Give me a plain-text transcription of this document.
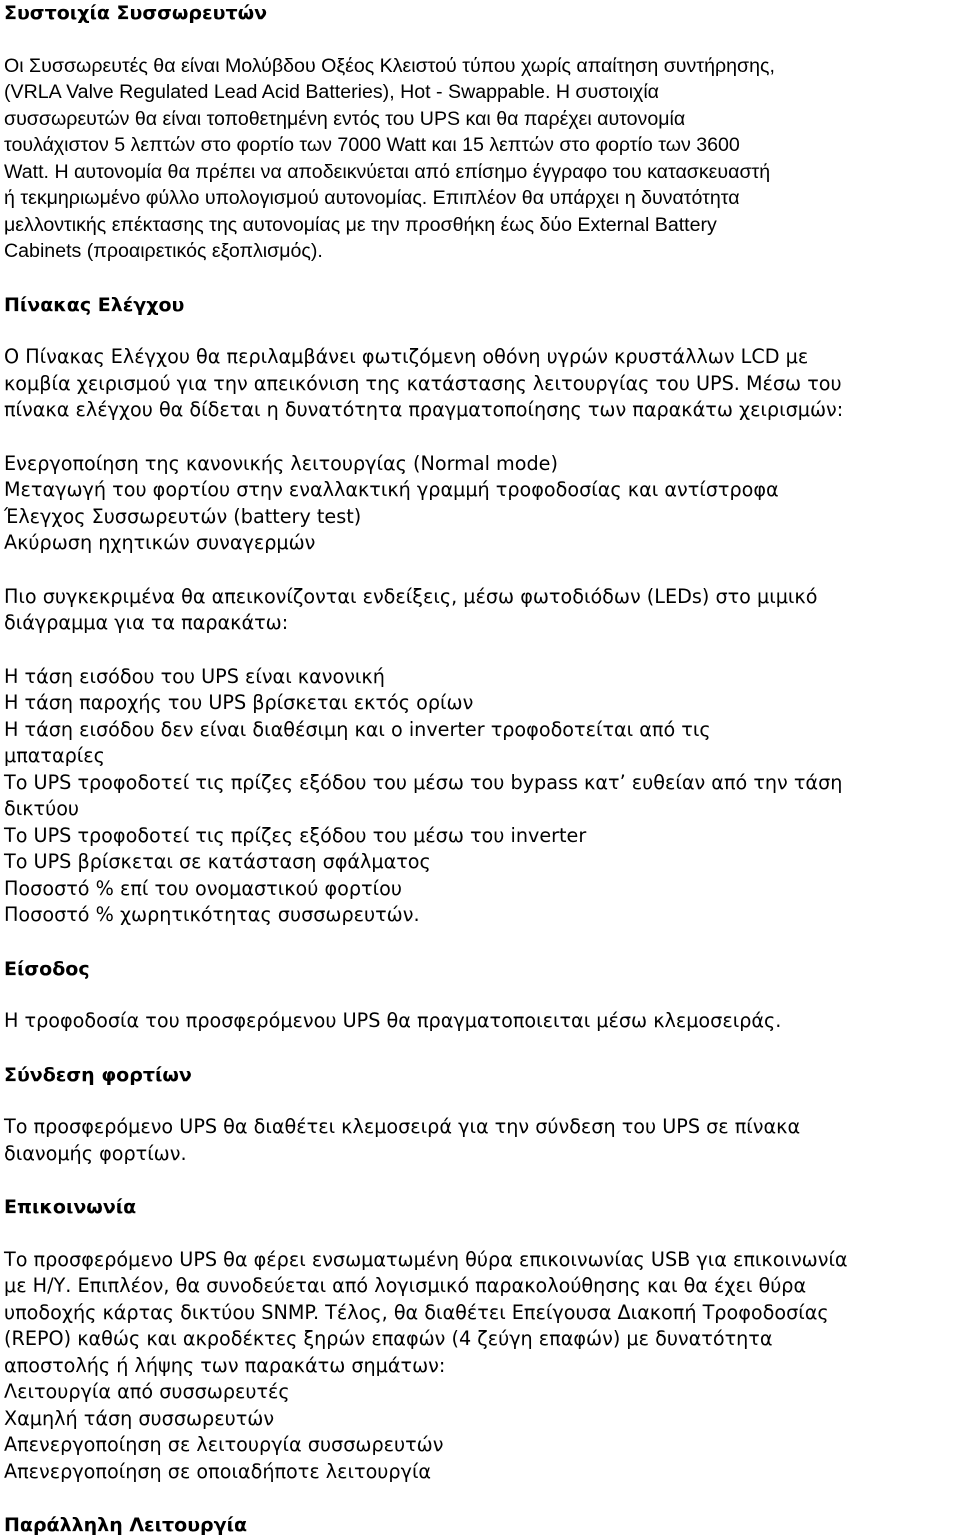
Συστοιχία Συσσωρευτών

Οι Συσσωρευτές θα είναι Μολύβδου Οξέος Κλειστού τύπου χωρίς απαίτηση συντήρησης,
(VRLA Valve Regulated Lead Acid Batteries), Hot - Swappable. Η συστοιχία
συσσωρευτών θα είναι τοποθετημένη εντός του UPS και θα παρέχει αυτονομία
τουλάχιστον 5 λεπτών στο φορτίο των 7000 Watt και 15 λεπτών στο φορτίο των 3600
Watt. Η αυτονομία θα πρέπει να αποδεικνύεται από επίσημο έγγραφο του κατασκευαστή
ή τεκμηριωμένο φύλλο υπολογισμού αυτονομίας. Επιπλέον θα υπάρχει η δυνατότητα
μελλοντικής επέκτασης της αυτονομίας με την προσθήκη έως δύο External Battery
Cabinets (προαιρετικός εξοπλισμός).

Πίνακας Ελέγχου

Ο Πίνακας Ελέγχου θα περιλαμβάνει φωτιζόμενη οθόνη υγρών κρυστάλλων LCD με
κομβία χειρισμού για την απεικόνιση της κατάστασης λειτουργίας του UPS. Μέσω του
πίνακα ελέγχου θα δίδεται η δυνατότητα πραγματοποίησης των παρακάτω χειρισμών:

Ενεργοποίηση της κανονικής λειτουργίας (Normal mode)
Μεταγωγή του φορτίου στην εναλλακτική γραμμή τροφοδοσίας και αντίστροφα
Έλεγχος Συσσωρευτών (battery test)
Ακύρωση ηχητικών συναγερμών

Πιο συγκεκριμένα θα απεικονίζονται ενδείξεις, μέσω φωτοδιόδων (LEDs) στο μιμικό
διάγραμμα για τα παρακάτω:

Η τάση εισόδου του UPS είναι κανονική
Η τάση παροχής του UPS βρίσκεται εκτός ορίων
Η τάση εισόδου δεν είναι διαθέσιμη και ο inverter τροφοδοτείται από τις
μπαταρίες
Το UPS τροφοδοτεί τις πρίζες εξόδου του μέσω του bypass κατ’ ευθείαν από την τάση
δικτύου
Το UPS τροφοδοτεί τις πρίζες εξόδου του μέσω του inverter
Το UPS βρίσκεται σε κατάσταση σφάλματος
Ποσοστό % επί του ονομαστικού φορτίου
Ποσοστό % χωρητικότητας συσσωρευτών.
Είσοδος

Η τροφοδοσία του προσφερόμενου UPS θα πραγματοποιειται μέσω κλεμοσειράς.

Σύνδεση φορτίων

Το προσφερόμενο UPS θα διαθέτει κλεμοσειρά για την σύνδεση του UPS σε πίνακα
διανομής φορτίων.

Επικοινωνία

Το προσφερόμενο UPS θα φέρει ενσωματωμένη θύρα επικοινωνίας USB για επικοινωνία
με Η/Υ. Επιπλέον, θα συνοδεύεται από λογισμικό παρακολούθησης και θα έχει θύρα
υποδοχής κάρτας δικτύου SNMP. Τέλος, θα διαθέτει Επείγουσα Διακοπή Τροφοδοσίας
(REPO) καθώς και ακροδέκτες ξηρών επαφών (4 ζεύγη επαφών) με δυνατότητα
αποστολής ή λήψης των παρακάτω σημάτων:

Λειτουργία από συσσωρευτές
Χαμηλή τάση συσσωρευτών
Απενεργοποίηση σε λειτουργία συσσωρευτών
Απενεργοποίηση σε οποιαδήποτε λειτουργία
Παράλληλη Λειτουργία
